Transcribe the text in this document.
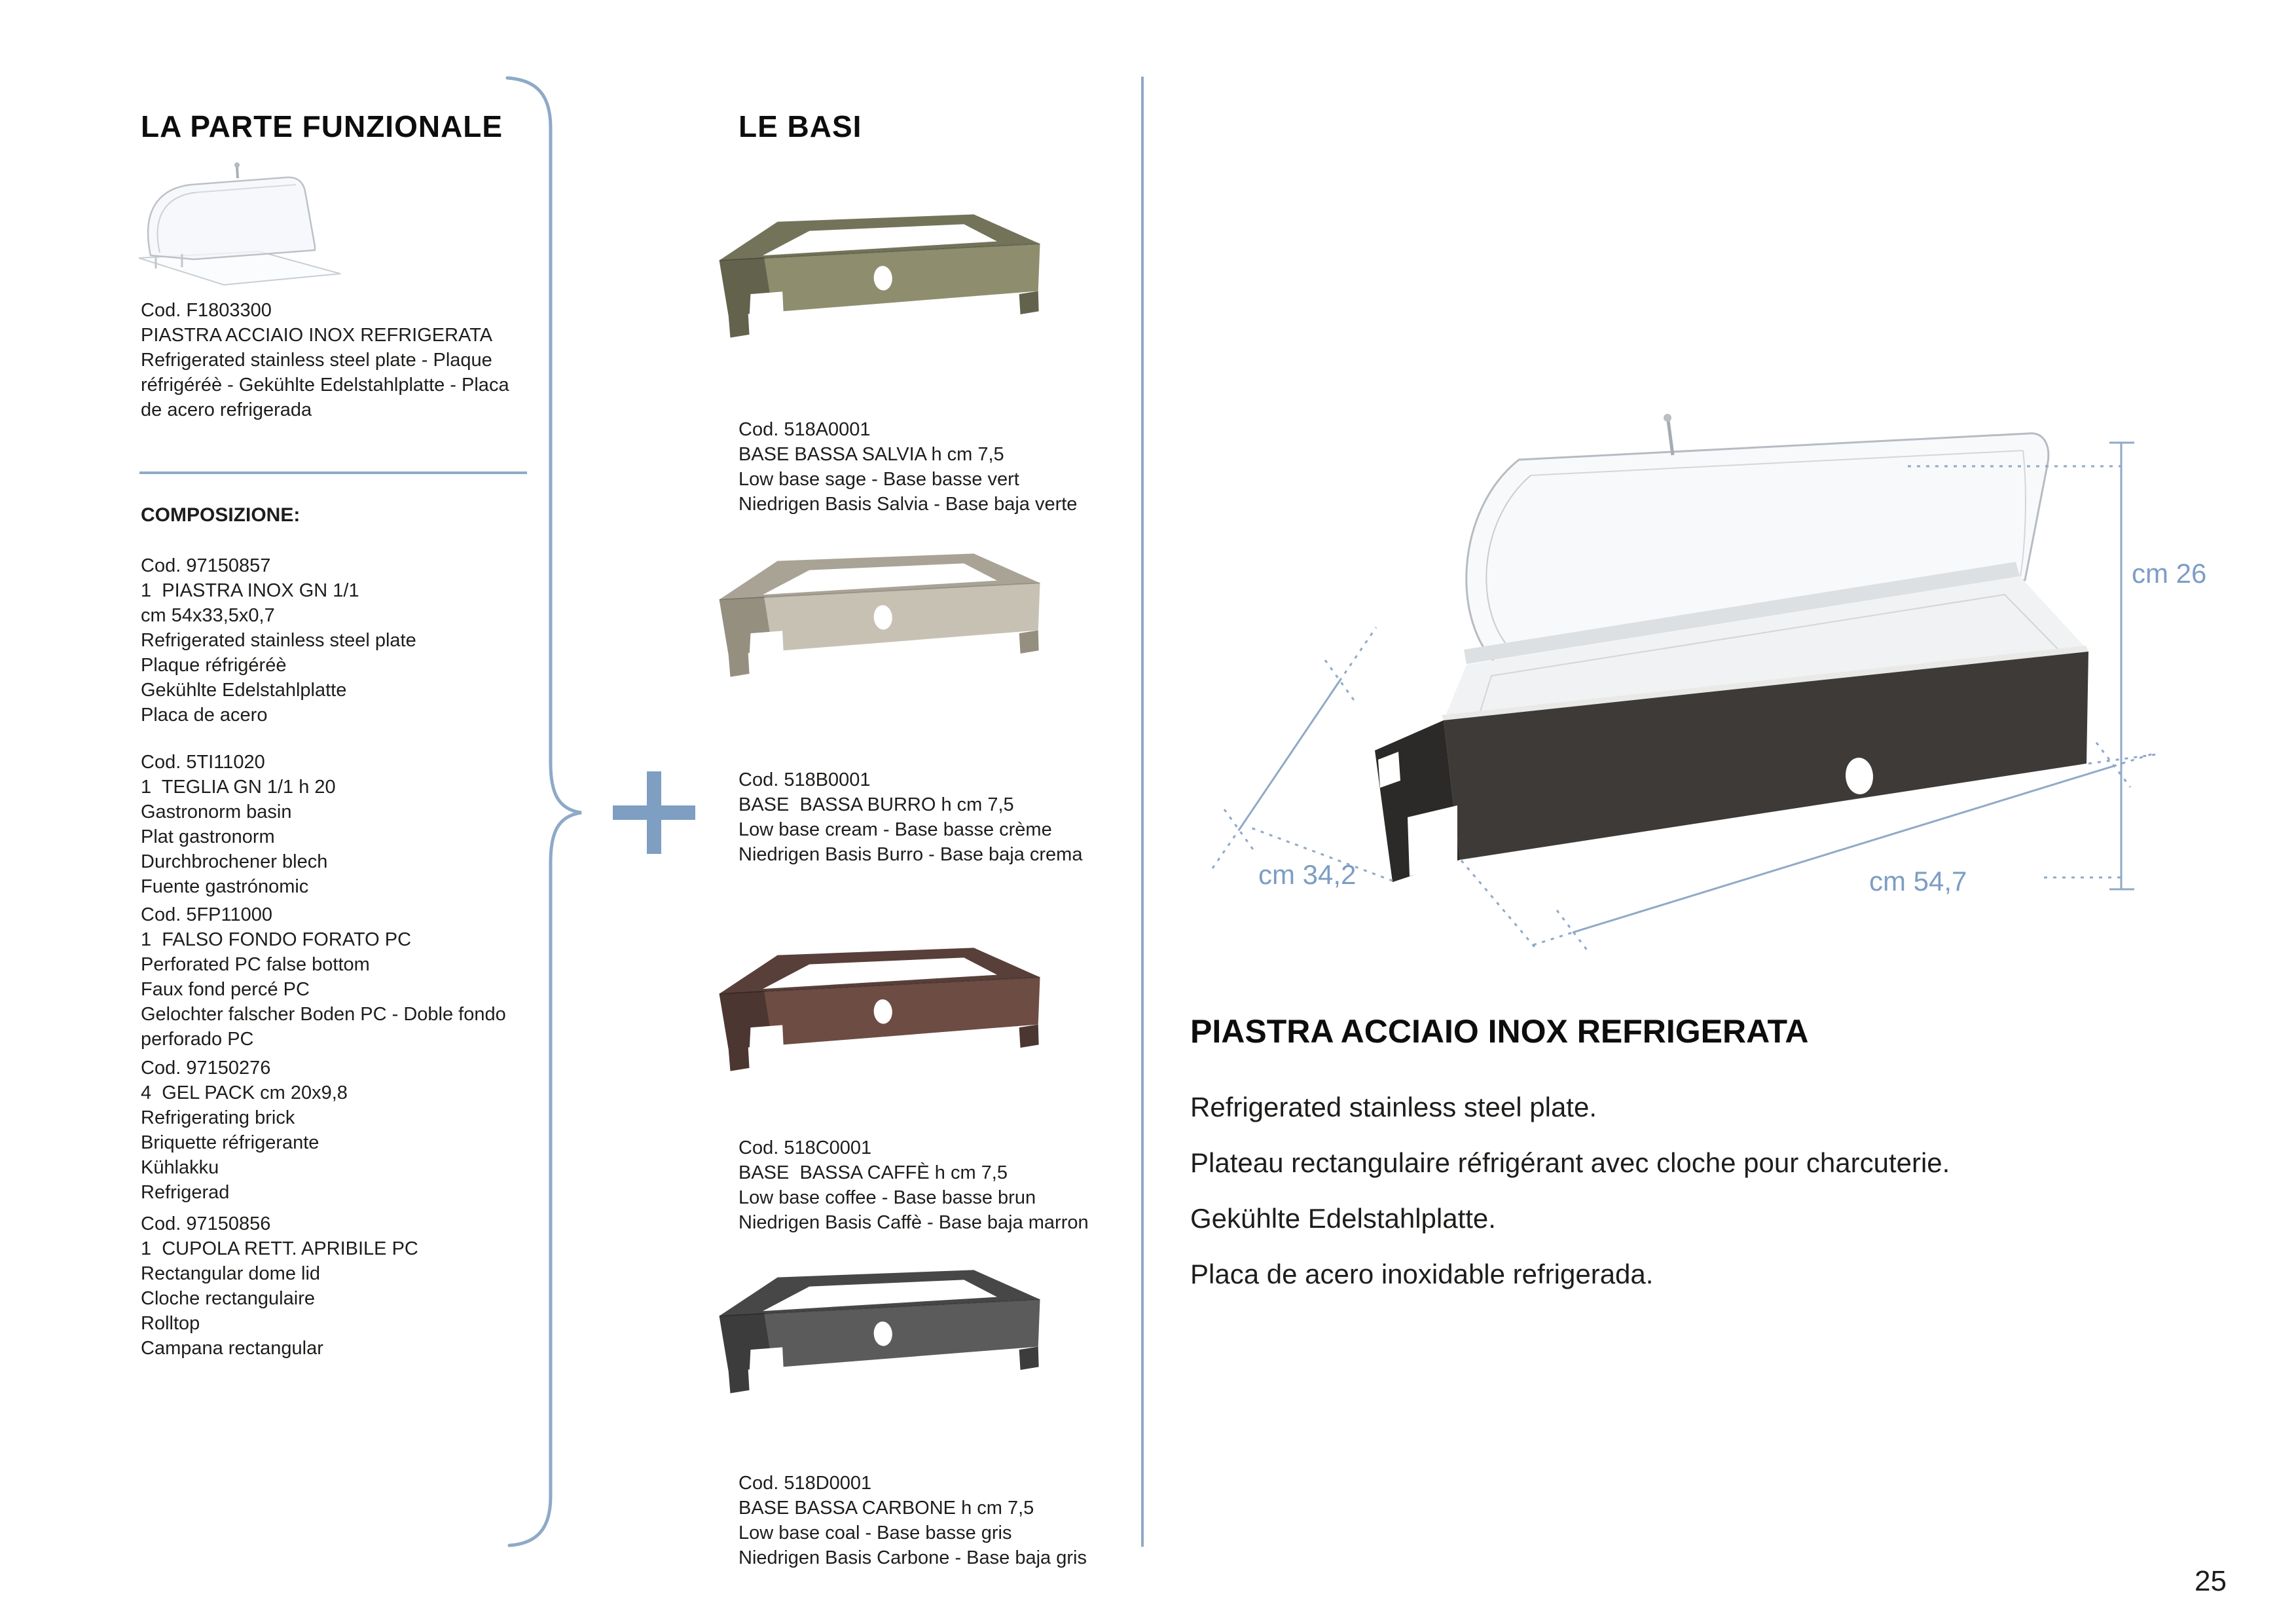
LA PARTE FUNZIONALE
Cod. F1803300
PIASTRA ACCIAIO INOX REFRIGERATA
Refrigerated stainless steel plate - Plaque
réfrigéréè - Gekühlte Edelstahlplatte - Placa
de acero refrigerada
COMPOSIZIONE:
Cod. 97150857
1  PIASTRA INOX GN 1/1
cm 54x33,5x0,7
Refrigerated stainless steel plate
Plaque réfrigéréè
Gekühlte Edelstahlplatte
Placa de acero
Cod. 5TI11020
1  TEGLIA GN 1/1 h 20
Gastronorm basin
Plat gastronorm
Durchbrochener blech
Fuente gastrónomic
Cod. 5FP11000
1  FALSO FONDO FORATO PC
Perforated PC false bottom
Faux fond percé PC
Gelochter falscher Boden PC - Doble fondo
perforado PC
Cod. 97150276
4  GEL PACK cm 20x9,8
Refrigerating brick
Briquette réfrigerante
Kühlakku
Refrigerad
Cod. 97150856
1  CUPOLA RETT. APRIBILE PC
Rectangular dome lid
Cloche rectangulaire
Rolltop
Campana rectangular
LE BASI
Cod. 518A0001
BASE BASSA SALVIA h cm 7,5
Low base sage - Base basse vert
Niedrigen Basis Salvia - Base baja verte
Cod. 518B0001
BASE  BASSA BURRO h cm 7,5
Low base cream - Base basse crème
Niedrigen Basis Burro - Base baja crema
Cod. 518C0001
BASE  BASSA CAFFÈ h cm 7,5
Low base coffee - Base basse brun
Niedrigen Basis Caffè - Base baja marron
Cod. 518D0001
BASE BASSA CARBONE h cm 7,5
Low base coal - Base basse gris
Niedrigen Basis Carbone - Base baja gris
cm 26
cm 34,2	cm 54,7
PIASTRA ACCIAIO INOX REFRIGERATA
Refrigerated stainless steel plate.
Plateau rectangulaire réfrigérant avec cloche pour charcuterie.
Gekühlte Edelstahlplatte.
Placa de acero inoxidable refrigerada.
25
